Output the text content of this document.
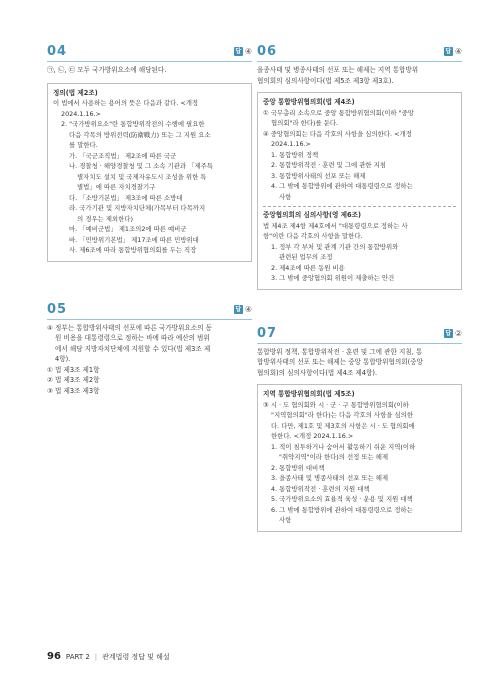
04	답 ④
㉠, ㉡, ㉢ 모두 국가방위요소에 해당된다.
정의(법 제2조)
이 법에서 사용하는 용어의 뜻은 다음과 같다. <개정
2024.1.16.>
2. "국가방위요소"란 통합방위작전의 수행에 필요한
다음 각목의 방위전력(防衛戰力) 또는 그 지원 요소
를 말한다.
가. 「국군조직법」 제2조에 따른 국군
나. 경찰청 · 해양경찰청 및 그 소속 기관과 「제주특
별자치도 설치 및 국제자유도시 조성을 위한 특
별법」에 따른 자치경찰기구
다. 「소방기본법」 제3조에 따른 소방대
라. 국가기관 및 지방자치단체(가목부터 다목까지
의 경우는 제외한다)
마. 「예비군법」 제1조의2에 따른 예비군
바. 「민방위기본법」 제17조에 따른 민방위대
사. 제6조에 따라 통합방위협의회를 두는 직장
05	답 ④
④ 정부는 통합방위사태의 선포에 따른 국가방위요소의 동
원 비용을 대통령령으로 정하는 바에 따라 예산의 범위
에서 해당 지방자치단체에 지원할 수 있다(법 제3조 제
4항).
① 법 제3조 제1항
② 법 제3조 제2항
③ 법 제3조 제3항
06	답 ④
을종사태 및 병종사태의 선포 또는 해제는 지역 통합방위
협의회의 심의사항이다(법 제5조 제3항 제3호).
중앙 통합방위협의회(법 제4조)
① 국무총리 소속으로 중앙 통합방위협의회(이하 "중앙
협의회"라 한다)를 둔다.
④ 중앙협의회는 다음 각호의 사항을 심의한다. <개정
2024.1.16.>
1. 통합방위 정책
2. 통합방위작전 · 훈련 및 그에 관한 지침
3. 통합방위사태의 선포 또는 해제
4. 그 밖에 통합방위에 관하여 대통령령으로 정하는
사항
중앙협의회의 심의사항(영 제6조)
법 제4조 제4항 제4호에서 "대통령령으로 정하는 사
항"이란 다음 각호의 사항을 말한다.
1. 정부 각 부처 및 관계 기관 간의 통합방위와
관련된 업무의 조정
2. 제4조에 따른 동원 비용
3. 그 밖에 중앙협의회 위원이 제출하는 안건
07	답 ②
통합방위 정책, 통합방위작전 · 훈련 및 그에 관한 지침, 통
합방위사태의 선포 또는 해제는 중앙 통합방위협의회(중앙
협의회)의 심의사항이다(법 제4조 제4항).
지역 통합방위협의회(법 제5조)
③ 시 · 도 협의회와 시 · 군 · 구 통합방위협의회(이하
"지역협의회"라 한다)는 다음 각호의 사항을 심의한
다. 다만, 제1호 및 제3호의 사항은 시 · 도 협의회에
한한다. <개정 2024.1.16.>
1. 적이 침투하거나 숨어서 활동하기 쉬운 지역(이하
"취약지역"이라 한다)의 선정 또는 해제
2. 통합방위 대비책
3. 을종사태 및 병종사태의 선포 또는 해제
4. 통합방위작전 · 훈련의 지원 대책
5. 국가방위요소의 효율적 육성 · 운용 및 지원 대책
6. 그 밖에 통합방위에 관하여 대통령령으로 정하는
사항
96 PART 2 | 관계법령 정답 및 해설
